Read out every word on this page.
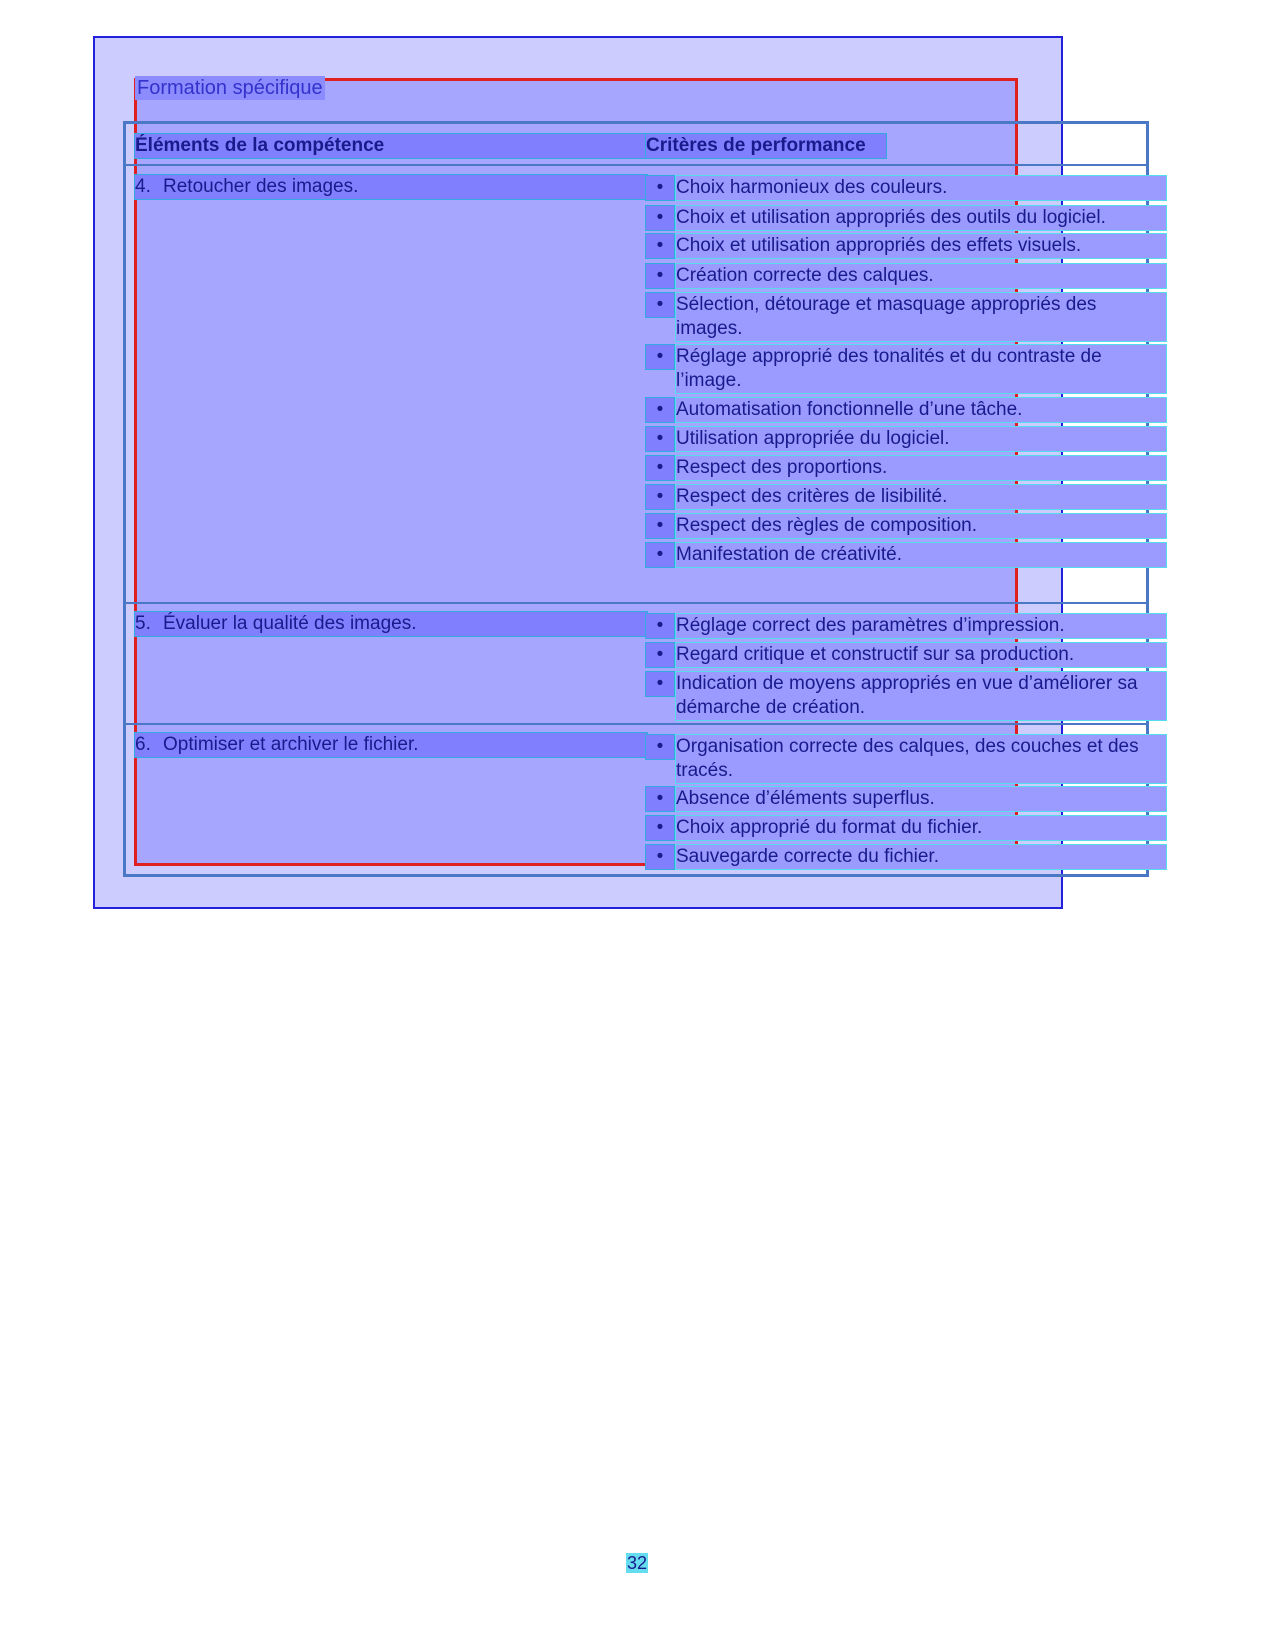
Formation spécifique
Éléments de la compétence	Critères de performance
4. Retoucher des images.	• Choix harmonieux des couleurs.
• Choix et utilisation appropriés des outils du logiciel.
• Choix et utilisation appropriés des effets visuels.
• Création correcte des calques.
• Sélection, détourage et masquage appropriés des images.
• Réglage approprié des tonalités et du contraste de l’image.
• Automatisation fonctionnelle d’une tâche.
• Utilisation appropriée du logiciel.
• Respect des proportions.
• Respect des critères de lisibilité.
• Respect des règles de composition.
• Manifestation de créativité.
5. Évaluer la qualité des images.	• Réglage correct des paramètres d’impression.
• Regard critique et constructif sur sa production.
• Indication de moyens appropriés en vue d’améliorer sa démarche de création.
6. Optimiser et archiver le fichier.	• Organisation correcte des calques, des couches et des tracés.
• Absence d’éléments superflus.
• Choix approprié du format du fichier.
• Sauvegarde correcte du fichier.
32
